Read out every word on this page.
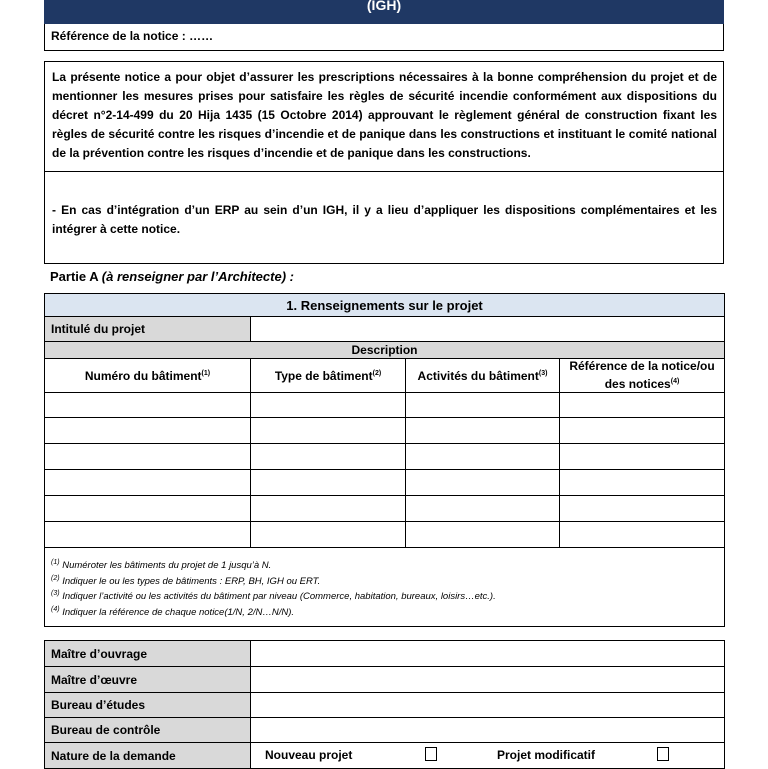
(IGH)
Référence de la notice : ……
La présente notice a pour objet d’assurer les prescriptions nécessaires à la bonne compréhension du projet et de mentionner les mesures prises pour satisfaire les règles de sécurité incendie conformément aux dispositions du décret n°2-14-499 du 20 Hija 1435 (15 Octobre 2014) approuvant le règlement général de construction fixant les règles de sécurité contre les risques d’incendie et de panique dans les constructions et instituant le comité national de la prévention contre les risques d’incendie et de panique dans les constructions.
- En cas d’intégration d’un ERP au sein d’un IGH, il y a lieu d’appliquer les dispositions complémentaires et les intégrer à cette notice.
Partie A (à renseigner par l’Architecte) :
1. Renseignements sur le projet			
Intitulé du projet			
Description			
Numéro du bâtiment$^{(1)}$	Type de bâtiment$^{(2)}$	Activités du bâtiment$^{(3)}$	Référence de la notice/ou des notices$^{(4)}$

$^{(1)}$ Numéroter les bâtiments du projet de 1 jusqu’à N.
$^{(2)}$ Indiquer le ou les types de bâtiments : ERP, BH, IGH ou ERT.
$^{(3)}$ Indiquer l’activité ou les activités du bâtiment par niveau (Commerce, habitation, bureaux, loisirs…etc.).
$^{(4)}$ Indiquer la référence de chaque notice(1/N, 2/N…N/N).			
Maître d’ouvrage	
Maître d’œuvre	
Bureau d’études	
Bureau de contrôle	
Nature de la demande	Nouveau projet Projet modificatif
